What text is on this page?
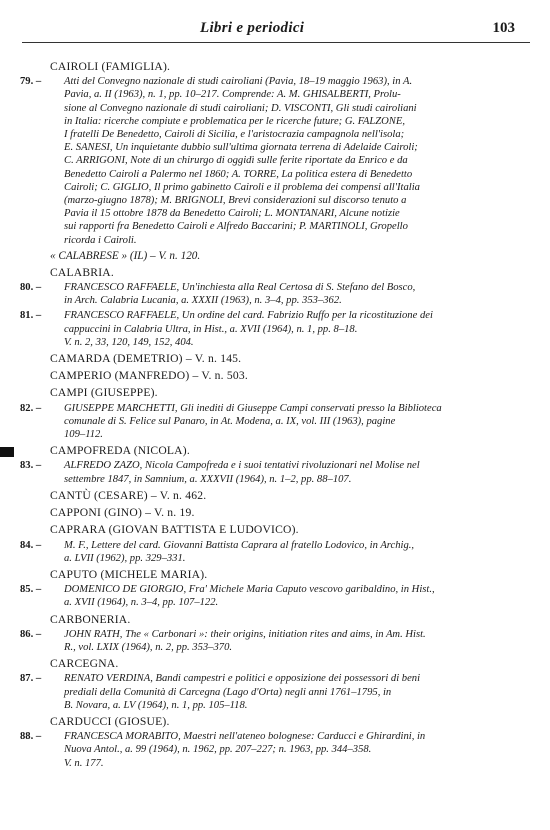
Libri e periodici	103

CAIROLI (FAMIGLIA).

79. – Atti del Convegno nazionale di studi cairoliani (Pavia, 18–19 maggio 1963), in A.
Pavia, a. II (1963), n. 1, pp. 10–217. Comprende: A. M. GHISALBERTI, Prolu-
sione al Convegno nazionale di studi cairoliani; D. VISCONTI, Gli studi cairoliani
in Italia: ricerche compiute e problematica per le ricerche future; G. FALZONE,
I fratelli De Benedetto, Cairoli di Sicilia, e l'aristocrazia campagnola nell'isola;
E. SANESI, Un inquietante dubbio sull'ultima giornata terrena di Adelaide Cairoli;
C. ARRIGONI, Note di un chirurgo di oggidì sulle ferite riportate da Enrico e da
Benedetto Cairoli a Palermo nel 1860; A. TORRE, La politica estera di Benedetto
Cairoli; C. GIGLIO, Il primo gabinetto Cairoli e il problema dei compensi all'Italia
(marzo-giugno 1878); M. BRIGNOLI, Brevi considerazioni sul discorso tenuto a
Pavia il 15 ottobre 1878 da Benedetto Cairoli; L. MONTANARI, Alcune notizie
sui rapporti fra Benedetto Cairoli e Alfredo Baccarini; P. MARTINOLI, Gropello
ricorda i Cairoli.

« CALABRESE » (IL) – V. n. 120.

CALABRIA.

80. – FRANCESCO RAFFAELE, Un'inchiesta alla Real Certosa di S. Stefano del Bosco,
in Arch. Calabria Lucania, a. XXXII (1963), n. 3–4, pp. 353–362.
81. – FRANCESCO RAFFAELE, Un ordine del card. Fabrizio Ruffo per la ricostituzione dei
cappuccini in Calabria Ultra, in Hist., a. XVII (1964), n. 1, pp. 8–18.
V. n. 2, 33, 120, 149, 152, 404.

CAMARDA (DEMETRIO) – V. n. 145.

CAMPERIO (MANFREDO) – V. n. 503.

CAMPI (GIUSEPPE).

82. – GIUSEPPE MARCHETTI, Gli inediti di Giuseppe Campi conservati presso la Biblioteca
comunale di S. Felice sul Panaro, in At. Modena, a. IX, vol. III (1963), pagine
109–112.

CAMPOFREDA (NICOLA).

83. – ALFREDO ZAZO, Nicola Campofreda e i suoi tentativi rivoluzionari nel Molise nel
settembre 1847, in Samnium, a. XXXVII (1964), n. 1–2, pp. 88–107.

CANTÙ (CESARE) – V. n. 462.

CAPPONI (GINO) – V. n. 19.

CAPRARA (GIOVAN BATTISTA E LUDOVICO).

84. – M. F., Lettere del card. Giovanni Battista Caprara al fratello Lodovico, in Archig.,
a. LVII (1962), pp. 329–331.

CAPUTO (MICHELE MARIA).

85. – DOMENICO DE GIORGIO, Fra' Michele Maria Caputo vescovo garibaldino, in Hist.,
a. XVII (1964), n. 3–4, pp. 107–122.

CARBONERIA.

86. – JOHN RATH, The « Carbonari »: their origins, initiation rites and aims, in Am. Hist.
R., vol. LXIX (1964), n. 2, pp. 353–370.

CARCEGNA.

87. – RENATO VERDINA, Bandi campestri e politici e opposizione dei possessori di beni
prediali della Comunità di Carcegna (Lago d'Orta) negli anni 1761–1795, in
B. Novara, a. LV (1964), n. 1, pp. 105–118.

CARDUCCI (GIOSUE).

88. – FRANCESCA MORABITO, Maestri nell'ateneo bolognese: Carducci e Ghirardini, in
Nuova Antol., a. 99 (1964), n. 1962, pp. 207–227; n. 1963, pp. 344–358.
V. n. 177.
